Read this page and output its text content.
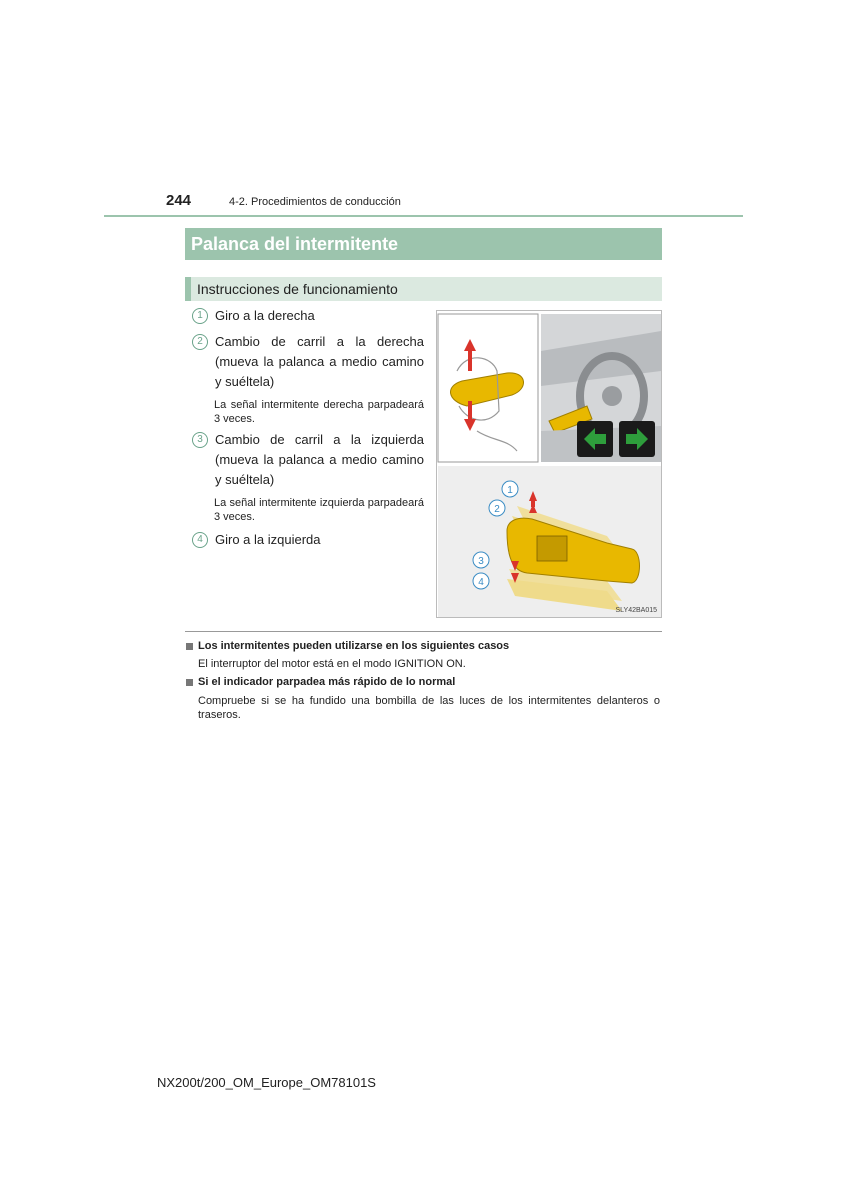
244	4-2. Procedimientos de conducción
Palanca del intermitente
Instrucciones de funcionamiento
1 Giro a la derecha
2 Cambio de carril a la derecha (mueva la palanca a medio camino y suéltela)
La señal intermitente derecha parpadeará 3 veces.
3 Cambio de carril a la izquierda (mueva la palanca a medio camino y suéltela)
La señal intermitente izquierda parpadeará 3 veces.
4 Giro a la izquierda
1
2
3
4
SLY42BA015
Los intermitentes pueden utilizarse en los siguientes casos
El interruptor del motor está en el modo IGNITION ON.
Si el indicador parpadea más rápido de lo normal
Compruebe si se ha fundido una bombilla de las luces de los intermitentes delanteros o traseros.
NX200t/200_OM_Europe_OM78101S
